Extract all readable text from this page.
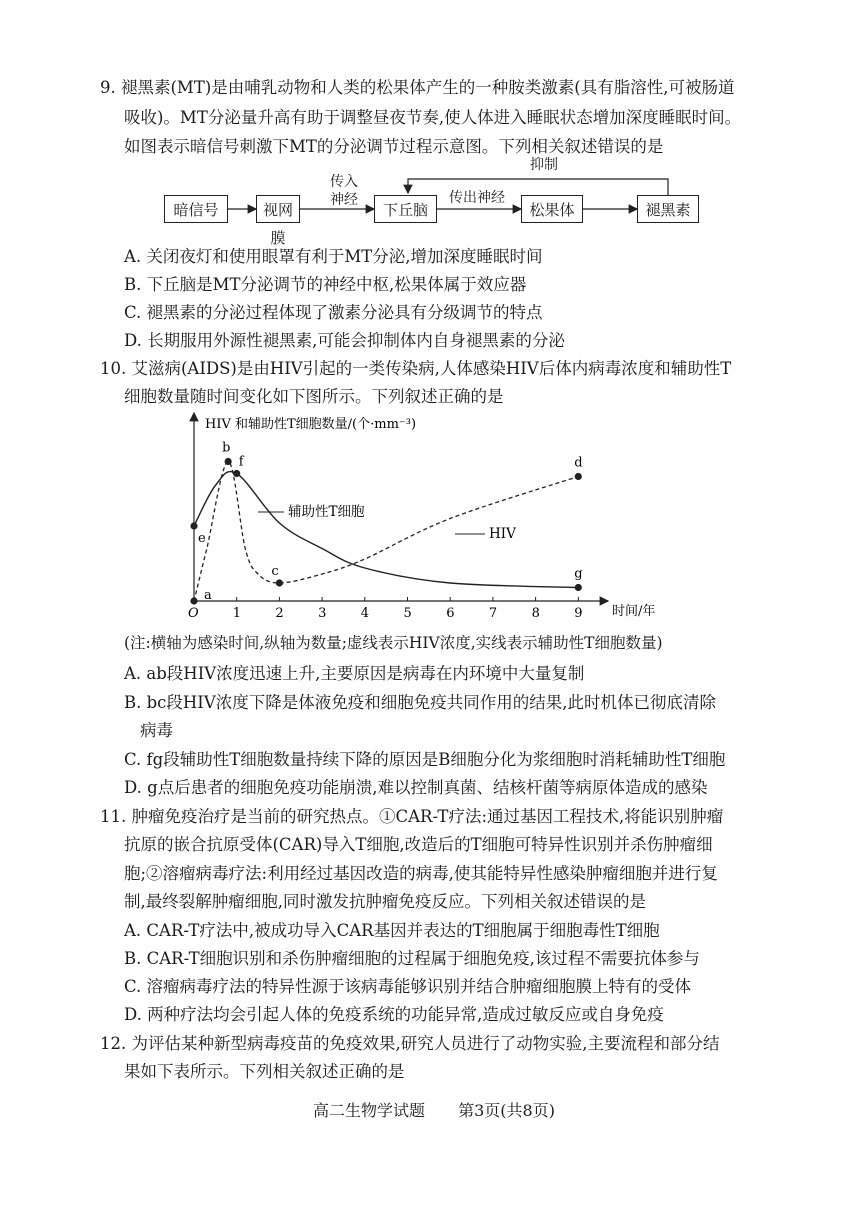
9. 褪黑素(MT)是由哺乳动物和人类的松果体产生的一种胺类激素(具有脂溶性,可被肠道
吸收)。MT分泌量升高有助于调整昼夜节奏,使人体进入睡眠状态增加深度睡眠时间。
如图表示暗信号刺激下MT的分泌调节过程示意图。下列相关叙述错误的是
暗信号	视网膜
下丘脑	松果体	褪黑素
传入
神经	传出神经
抑制
A. 关闭夜灯和使用眼罩有利于MT分泌,增加深度睡眠时间
B. 下丘脑是MT分泌调节的神经中枢,松果体属于效应器
C. 褪黑素的分泌过程体现了激素分泌具有分级调节的特点
D. 长期服用外源性褪黑素,可能会抑制体内自身褪黑素的分泌
10. 艾滋病(AIDS)是由HIV引起的一类传染病,人体感染HIV后体内病毒浓度和辅助性T
细胞数量随时间变化如下图所示。下列叙述正确的是
O	1	2	3	4	5	6	7	8	9
a
b
c
d
e
f
g
HIV 和辅助性T细胞数量/(个·mm⁻³)
时间/年
辅助性T细胞
HIV
(注:横轴为感染时间,纵轴为数量;虚线表示HIV浓度,实线表示辅助性T细胞数量)
A. ab段HIV浓度迅速上升,主要原因是病毒在内环境中大量复制
B. bc段HIV浓度下降是体液免疫和细胞免疫共同作用的结果,此时机体已彻底清除
病毒
C. fg段辅助性T细胞数量持续下降的原因是B细胞分化为浆细胞时消耗辅助性T细胞
D. g点后患者的细胞免疫功能崩溃,难以控制真菌、结核杆菌等病原体造成的感染
11. 肿瘤免疫治疗是当前的研究热点。①CAR-T疗法:通过基因工程技术,将能识别肿瘤
抗原的嵌合抗原受体(CAR)导入T细胞,改造后的T细胞可特异性识别并杀伤肿瘤细
胞;②溶瘤病毒疗法:利用经过基因改造的病毒,使其能特异性感染肿瘤细胞并进行复
制,最终裂解肿瘤细胞,同时激发抗肿瘤免疫反应。下列相关叙述错误的是
A. CAR-T疗法中,被成功导入CAR基因并表达的T细胞属于细胞毒性T细胞
B. CAR-T细胞识别和杀伤肿瘤细胞的过程属于细胞免疫,该过程不需要抗体参与
C. 溶瘤病毒疗法的特异性源于该病毒能够识别并结合肿瘤细胞膜上特有的受体
D. 两种疗法均会引起人体的免疫系统的功能异常,造成过敏反应或自身免疫
12. 为评估某种新型病毒疫苗的免疫效果,研究人员进行了动物实验,主要流程和部分结
果如下表所示。下列相关叙述正确的是
高二生物学试题 第3页(共8页)
